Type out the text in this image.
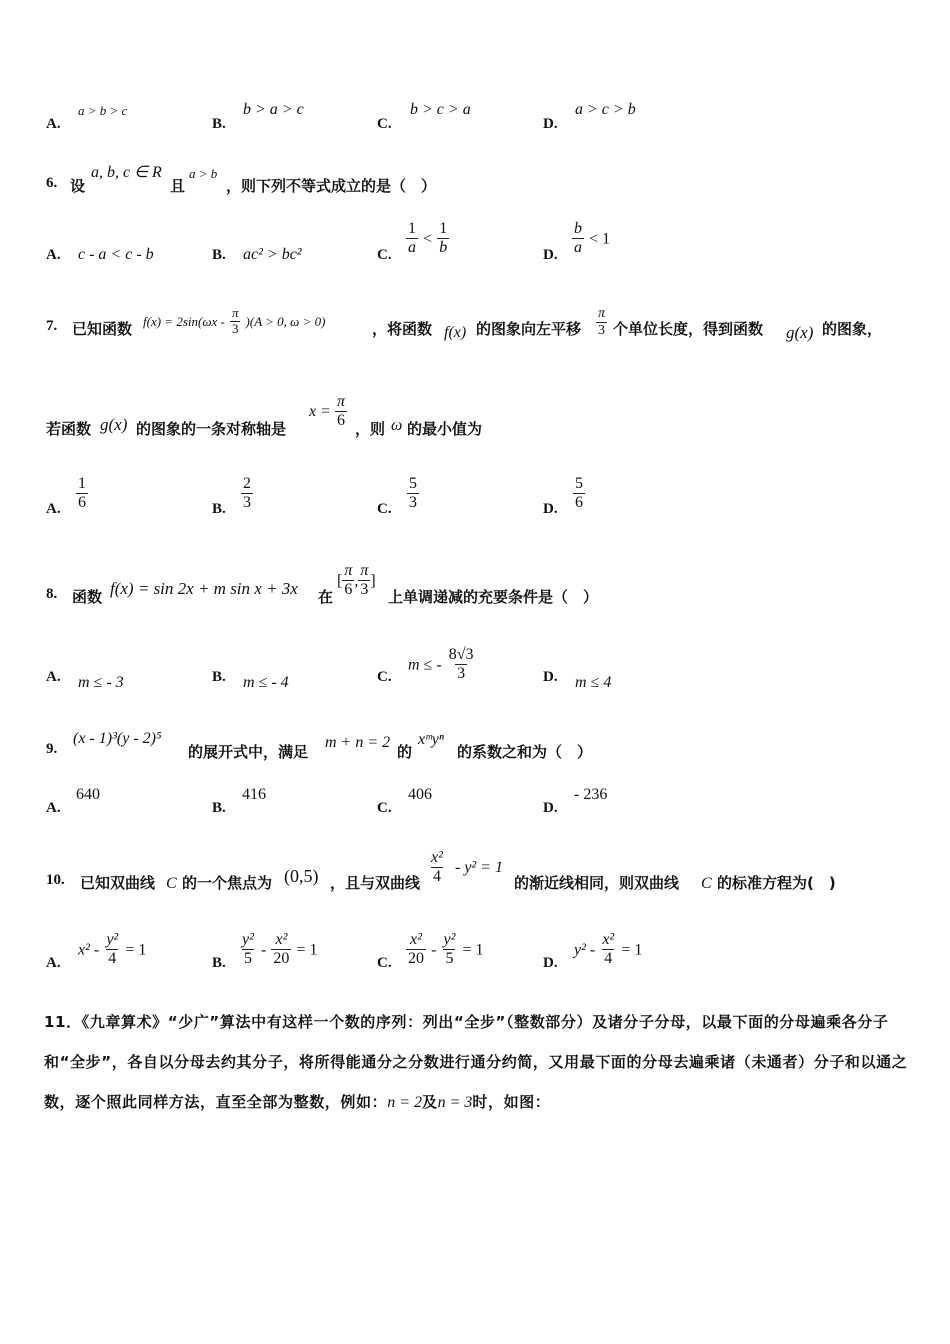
A.
a > b > c
B.
b > a > c
C.
b > c > a
D.
a > c > b
6. 设
a, b, c ∈ R
且
a > b
，则下列不等式成立的是（　）
A. c - a < c - b	B. ac² > bc²	C. $\frac{1}{a} < \frac{1}{b}$	D. $\frac{b}{a} < 1$
7. 已知函数 $f(x) = 2\sin(\omega x - \frac{\pi}{3} )(A > 0$, ω > 0)	，将函数 f(x) 的图象向左平移 $\frac{\pi}{3}$ 个单位长度，得到函数 g(x) 的图象，
若函数 g(x) 的图象的一条对称轴是
$x = \frac{\pi}{6}$ ，则 ω 的最小值为
A. $\frac{1}{6}$	B. $\frac{2}{3}$	C. $\frac{5}{3}$	D. $\frac{5}{6}$
8. 函数 f(x) = sin 2x + m sin x + 3x 在
[ $\frac{\pi}{6}$ , $\frac{\pi}{3}$ ]
上单调递减的充要条件是（　）
A. m ≤ - 3	B. m ≤ - 4	C.
m ≤ - $\frac{8√3}{3}$	D. m ≤ 4
9.
(x - 1)³(y - 2)⁵
的展开式中，满足
m + n = 2
的
xᵐyⁿ
的系数之和为（　）
A.
640
B.
416
C.
406
D.
- 236
10. 已知双曲线 C 的一个焦点为 (0,5) ，且与双曲线 $\frac{\text{x²}}{4} - y^2 = 1$
的渐近线相同，则双曲线 C 的标准方程为(　)
A.
$x^2 - \frac{\text{y²}}{4} = 1$
B. $\frac{\text{y²}}{5} - \frac{\text{x²}}{20} = 1$
C. $\frac{\text{x²}}{20} - \frac{\text{y²}}{5} = 1$
D.
$y^2 - \frac{\text{x²}}{4} = 1$
11．《九章算术》“少广”算法中有这样一个数的序列：列出“全步”（整数部分）及诸分子分母，以最下面的分母遍乘各分子和“全步”，各自以分母去约其分子，将所得能通分之分数进行通分约简，又用最下面的分母去遍乘诸（未通者）分子和以通之数，逐个照此同样方法，直至全部为整数，例如：n = 2及n = 3时，如图：
